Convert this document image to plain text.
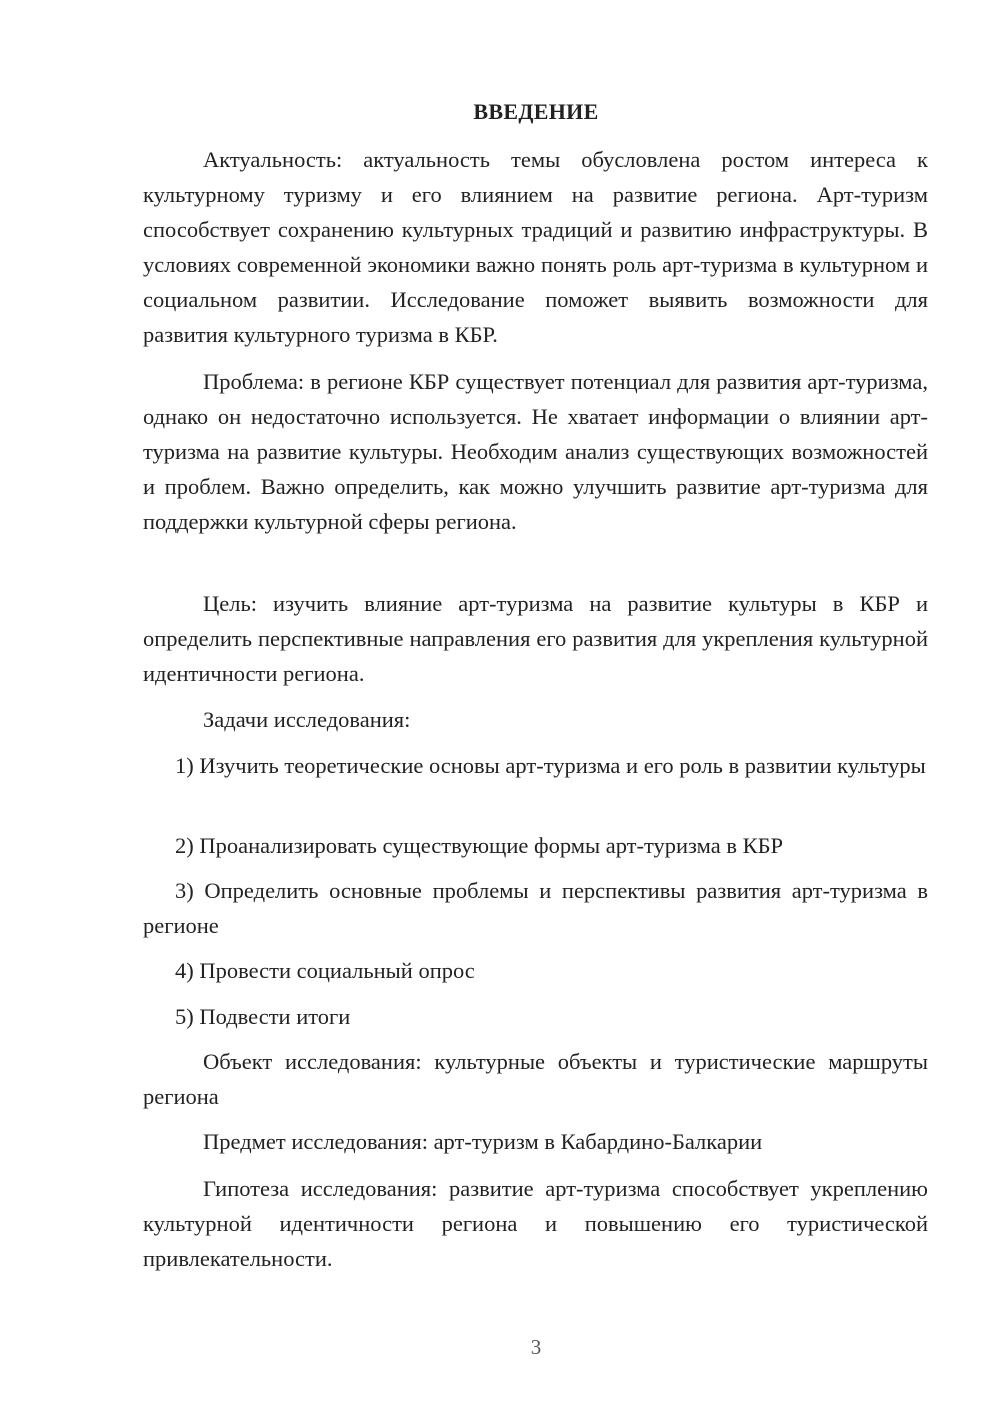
ВВЕДЕНИЕ

Актуальность: актуальность темы обусловлена ростом интереса к культурному туризму и его влиянием на развитие региона. Арт-туризм способствует сохранению культурных традиций и развитию инфраструктуры. В условиях современной экономики важно понять роль арт-туризма в культурном и социальном развитии. Исследование поможет выявить возможности для развития культурного туризма в КБР.

Проблема: в регионе КБР существует потенциал для развития арт-туризма, однако он недостаточно используется. Не хватает информации о влиянии арт-туризма на развитие культуры. Необходим анализ существующих возможностей и проблем. Важно определить, как можно улучшить развитие арт-туризма для поддержки культурной сферы региона.

Цель: изучить влияние арт-туризма на развитие культуры в КБР и определить перспективные направления его развития для укрепления культурной идентичности региона.

Задачи исследования:

1) Изучить теоретические основы арт-туризма и его роль в развитии культуры

2) Проанализировать существующие формы арт-туризма в КБР

3) Определить основные проблемы и перспективы развития арт-туризма в регионе

4) Провести социальный опрос

5) Подвести итоги

Объект исследования: культурные объекты и туристические маршруты региона

Предмет исследования: арт-туризм в Кабардино-Балкарии

Гипотеза исследования: развитие арт-туризма способствует укреплению культурной идентичности региона и повышению его туристической привлекательности.

3
